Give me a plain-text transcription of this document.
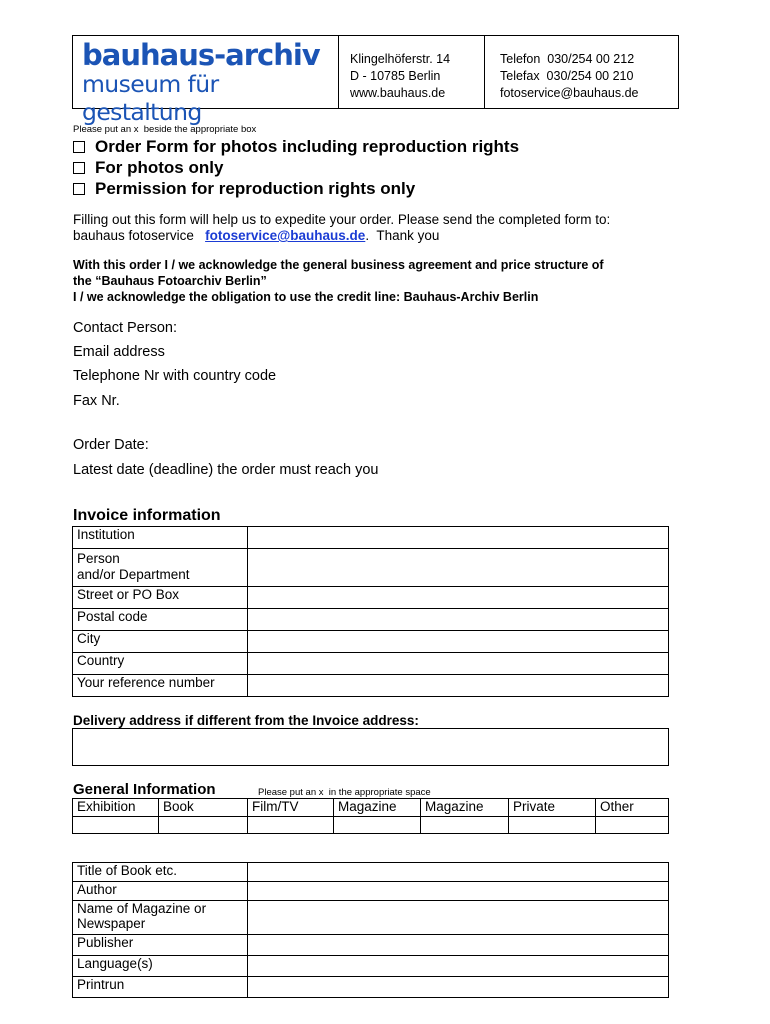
bauhaus-archiv
museum für gestaltung
Klingelhöferstr. 14
D - 10785 Berlin
www.bauhaus.de
Telefon  030/254 00 212
Telefax  030/254 00 210
fotoservice@bauhaus.de
Please put an x  beside the appropriate box
Order Form for photos including reproduction rights
For photos only
Permission for reproduction rights only
Filling out this form will help us to expedite your order. Please send the completed form to:
bauhaus fotoservice   fotoservice@bauhaus.de.  Thank you
With this order I / we acknowledge the general business agreement and price structure of
the “Bauhaus Fotoarchiv Berlin”
I / we acknowledge the obligation to use the credit line: Bauhaus-Archiv Berlin
Contact Person:
Email address
Telephone Nr with country code
Fax Nr.
Order Date:
Latest date (deadline) the order must reach you
Invoice information
Institution	
Person
and/or Department	
Street or PO Box	
Postal code	
City	
Country	
Your reference number	
Delivery address if different from the Invoice address:
General Information	Please put an x  in the appropriate space
Exhibition	Book	Film/TV	Magazine	Magazine	Private	Other

Title of Book etc.	
Author	
Name of Magazine or
Newspaper	
Publisher	
Language(s)	
Printrun	
